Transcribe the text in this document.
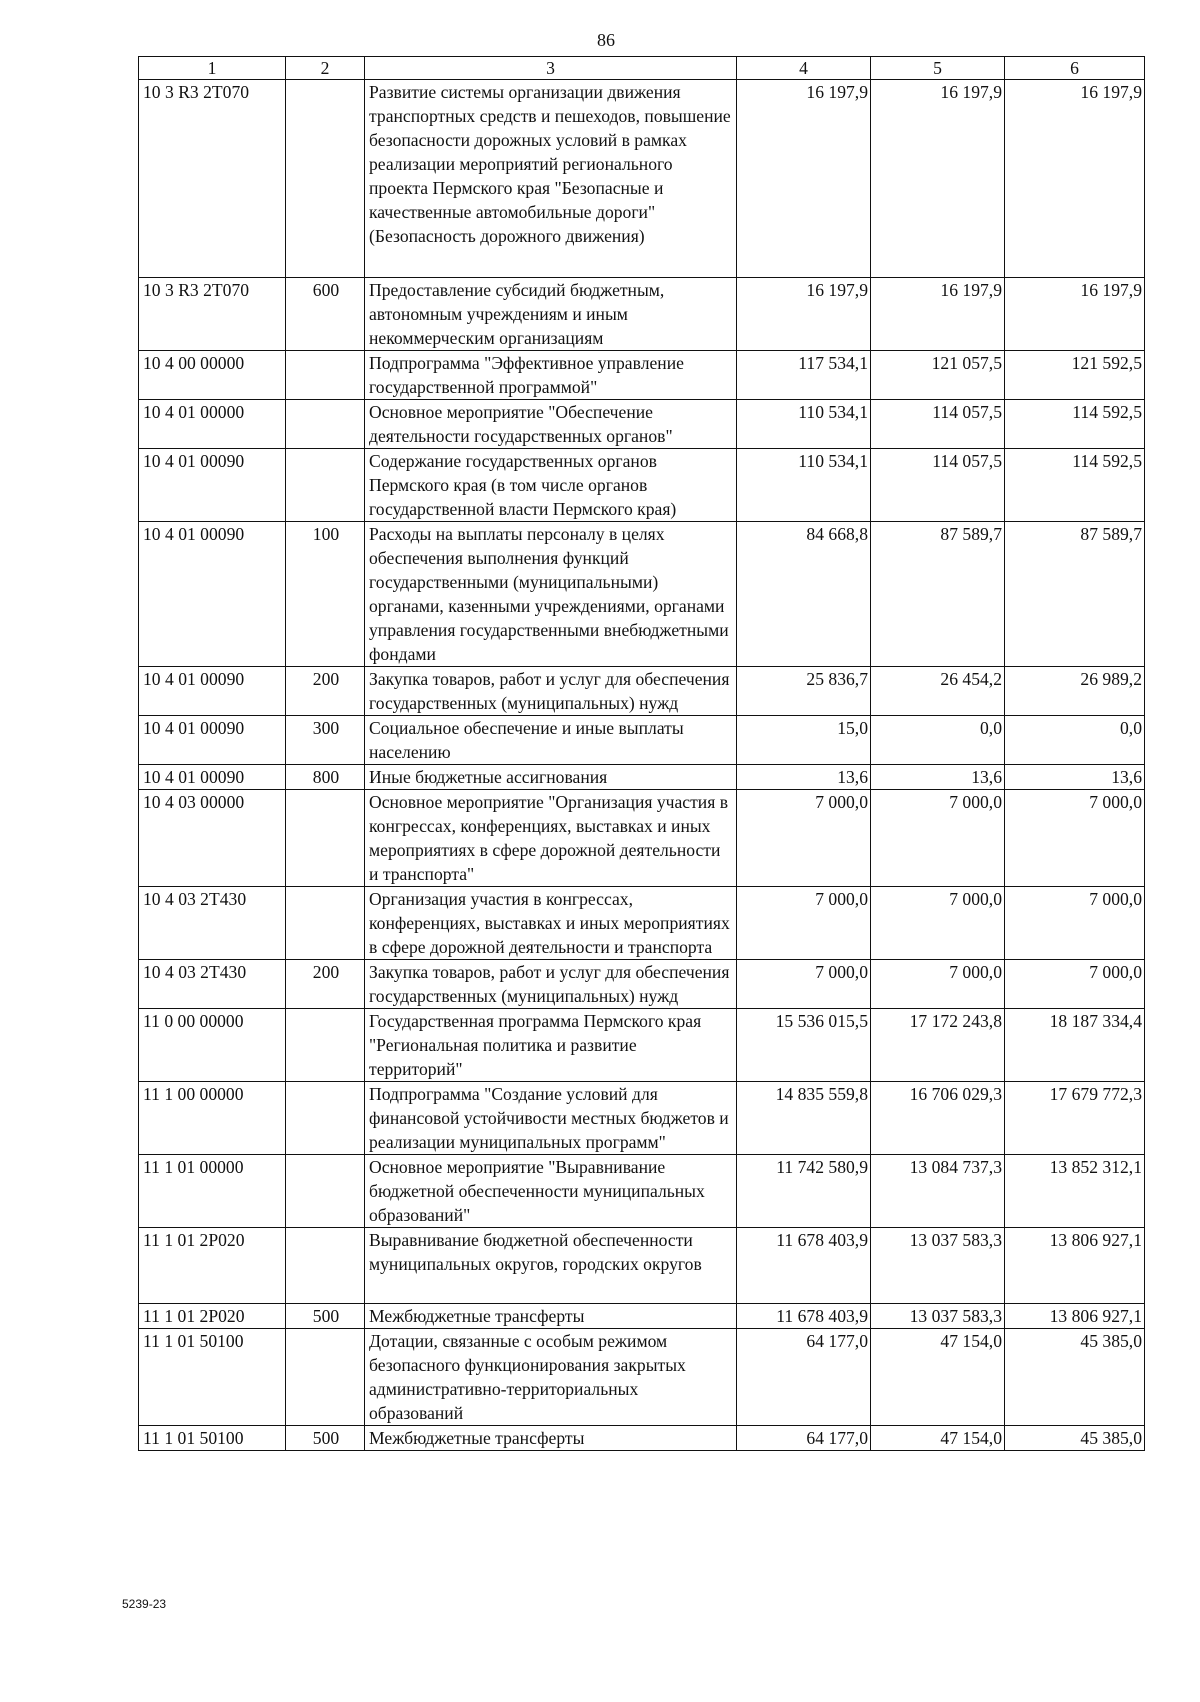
86
1	2	3	4	5	6
10 3 R3 2T070		Развитие системы организации движения транспортных средств и пешеходов, повышение безопасности дорожных условий в рамках реализации мероприятий регионального проекта Пермского края "Безопасные и качественные автомобильные дороги" (Безопасность дорожного движения)	16 197,9	16 197,9	16 197,9
10 3 R3 2T070	600	Предоставление субсидий бюджетным, автономным учреждениям и иным некоммерческим организациям	16 197,9	16 197,9	16 197,9
10 4 00 00000		Подпрограмма "Эффективное управление государственной программой"	117 534,1	121 057,5	121 592,5
10 4 01 00000		Основное мероприятие "Обеспечение деятельности государственных органов"	110 534,1	114 057,5	114 592,5
10 4 01 00090		Содержание государственных органов Пермского края (в том числе органов государственной власти Пермского края)	110 534,1	114 057,5	114 592,5
10 4 01 00090	100	Расходы на выплаты персоналу в целях обеспечения выполнения функций государственными (муниципальными) органами, казенными учреждениями, органами управления государственными внебюджетными фондами	84 668,8	87 589,7	87 589,7
10 4 01 00090	200	Закупка товаров, работ и услуг для обеспечения государственных (муниципальных) нужд	25 836,7	26 454,2	26 989,2
10 4 01 00090	300	Социальное обеспечение и иные выплаты населению	15,0	0,0	0,0
10 4 01 00090	800	Иные бюджетные ассигнования	13,6	13,6	13,6
10 4 03 00000		Основное мероприятие "Организация участия в конгрессах, конференциях, выставках и иных мероприятиях в сфере дорожной деятельности и транспорта"	7 000,0	7 000,0	7 000,0
10 4 03 2T430		Организация участия в конгрессах, конференциях, выставках и иных мероприятиях в сфере дорожной деятельности и транспорта	7 000,0	7 000,0	7 000,0
10 4 03 2T430	200	Закупка товаров, работ и услуг для обеспечения государственных (муниципальных) нужд	7 000,0	7 000,0	7 000,0
11 0 00 00000		Государственная программа Пермского края "Региональная политика и развитие территорий"	15 536 015,5	17 172 243,8	18 187 334,4
11 1 00 00000		Подпрограмма "Создание условий для финансовой устойчивости местных бюджетов и реализации муниципальных программ"	14 835 559,8	16 706 029,3	17 679 772,3
11 1 01 00000		Основное мероприятие "Выравнивание бюджетной обеспеченности муниципальных образований"	11 742 580,9	13 084 737,3	13 852 312,1
11 1 01 2P020		Выравнивание бюджетной обеспеченности муниципальных округов, городских округов	11 678 403,9	13 037 583,3	13 806 927,1
11 1 01 2P020	500	Межбюджетные трансферты	11 678 403,9	13 037 583,3	13 806 927,1
11 1 01 50100		Дотации, связанные с особым режимом безопасного функционирования закрытых административно-территориальных образований	64 177,0	47 154,0	45 385,0
11 1 01 50100	500	Межбюджетные трансферты	64 177,0	47 154,0	45 385,0
5239-23
